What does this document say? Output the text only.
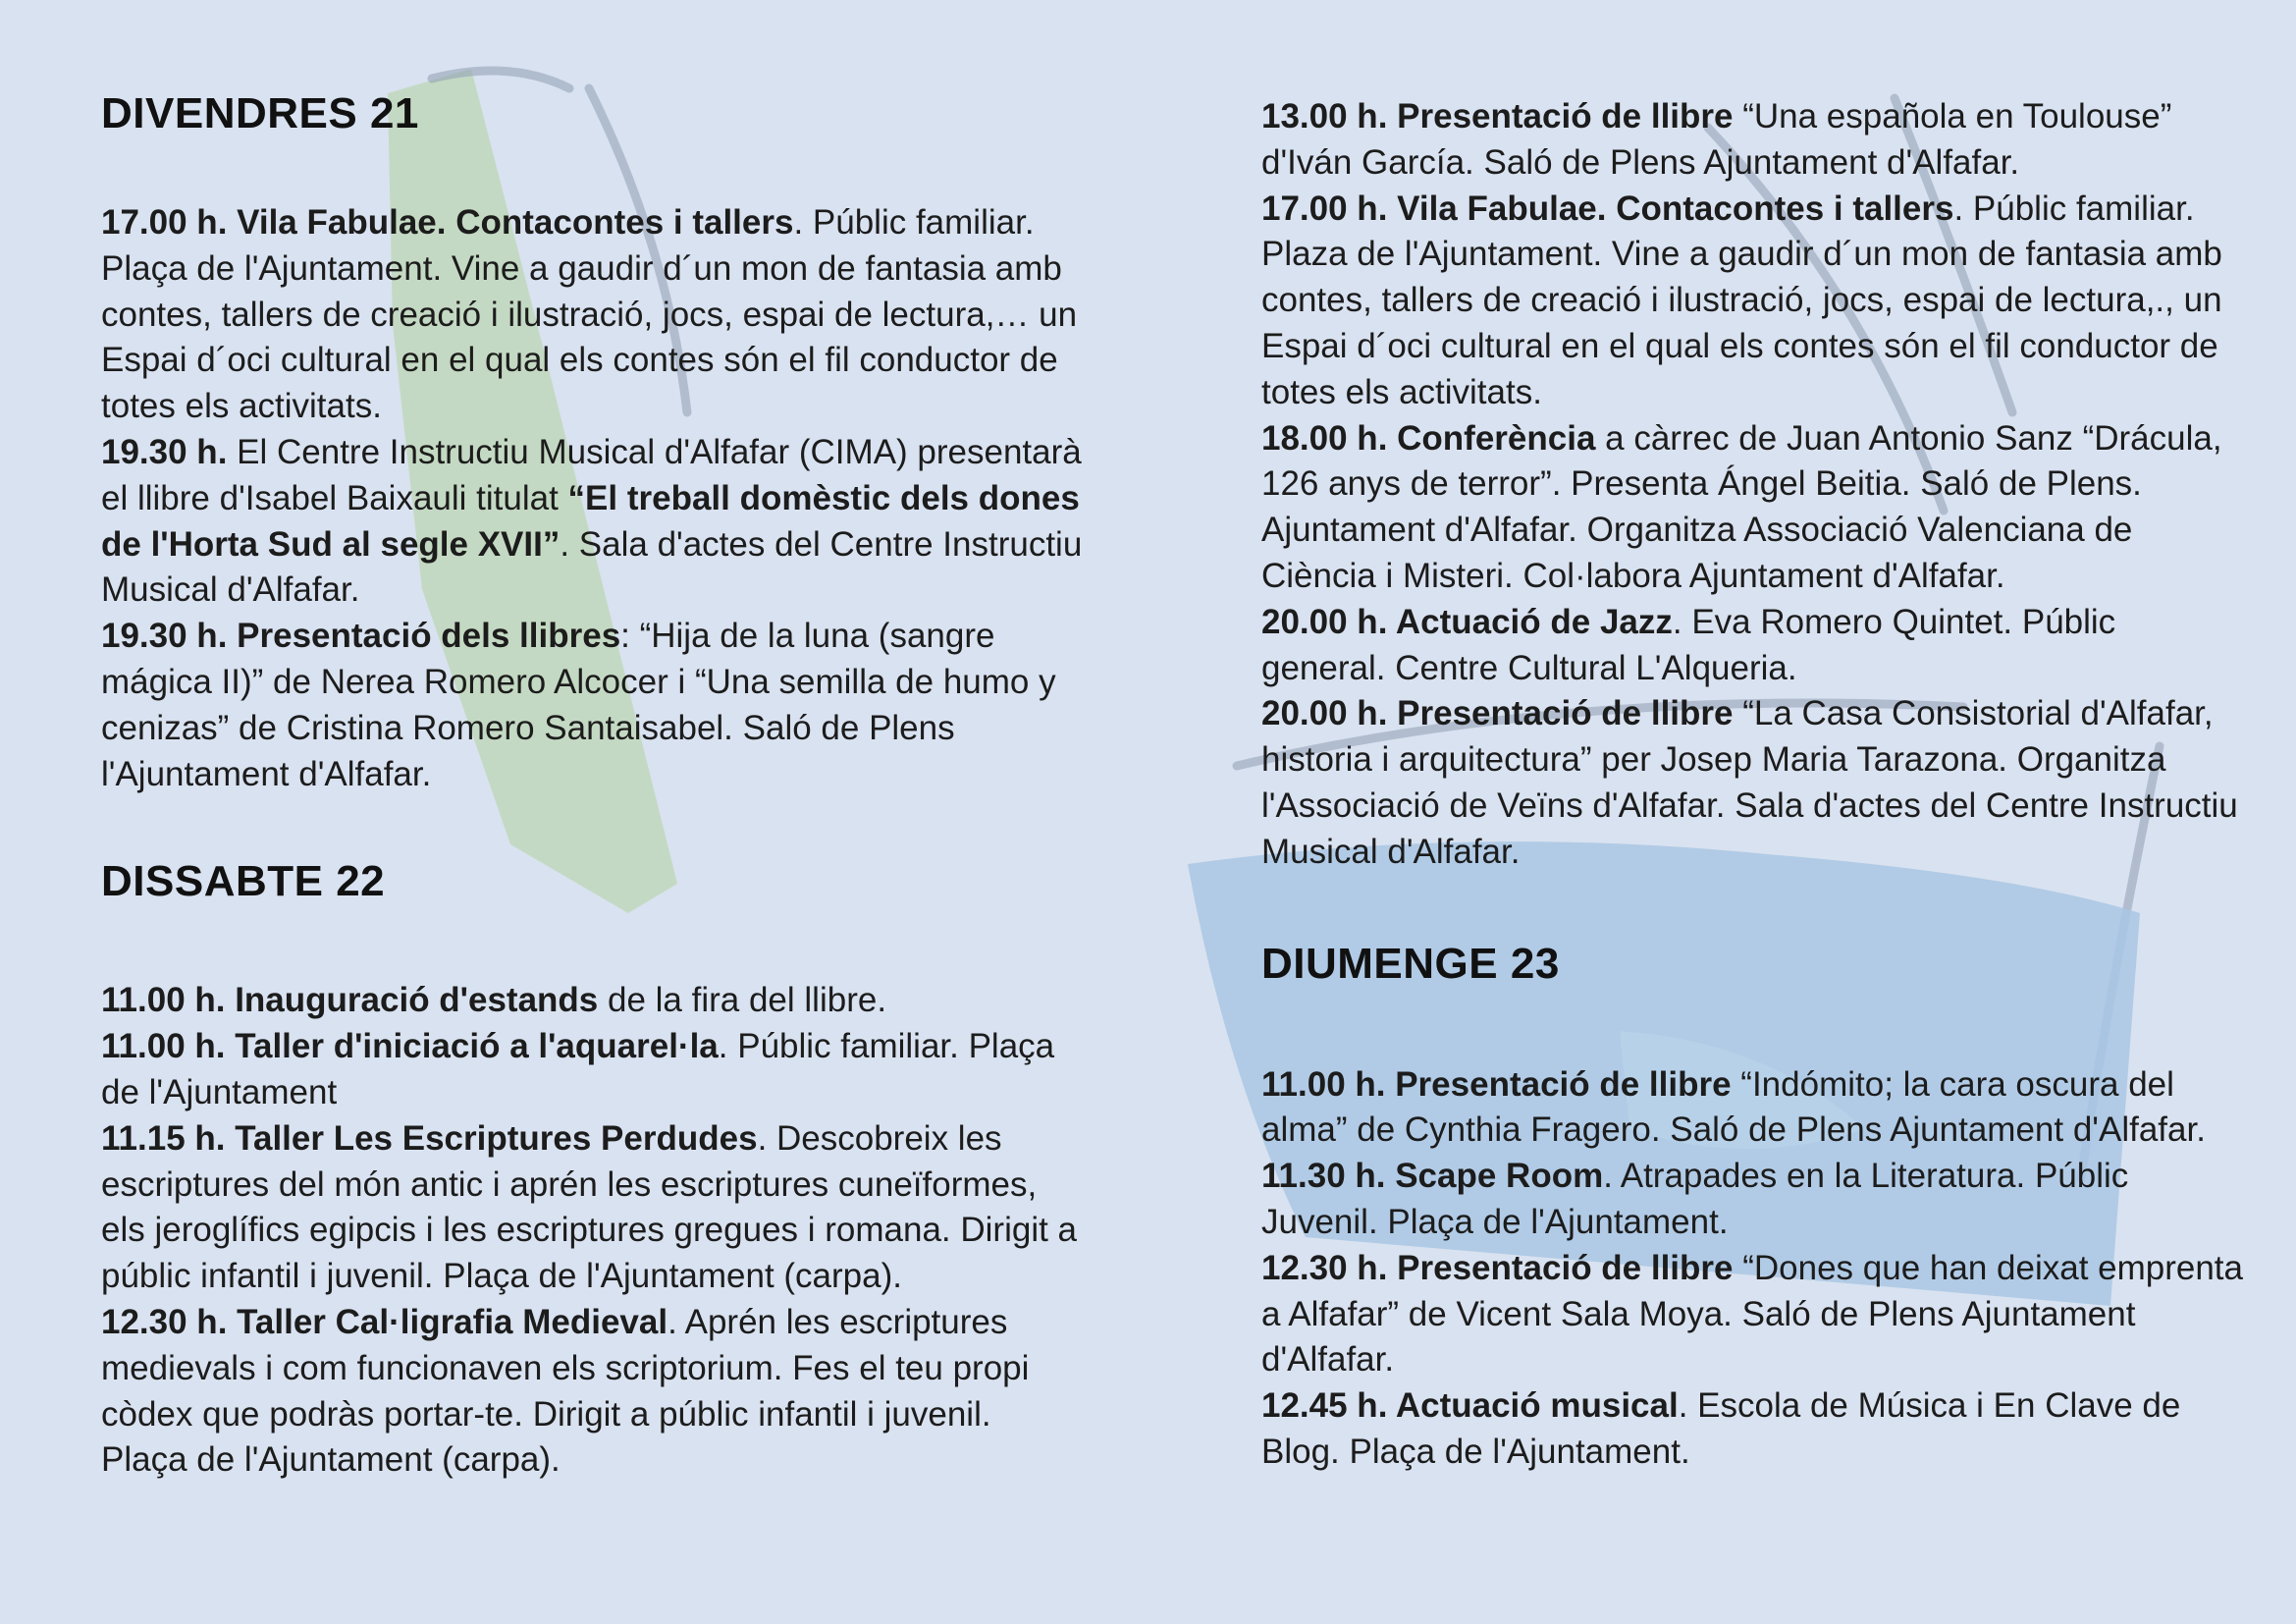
DIVENDRES 21

17.00 h. Vila Fabulae. Contacontes i tallers. Públic familiar. Plaça de l'Ajuntament. Vine a gaudir d´un mon de fantasia amb contes, tallers de creació i ilustració, jocs, espai de lectura,… un Espai d´oci cultural en el qual els contes són el fil conductor de totes els activitats.

19.30 h. El Centre Instructiu Musical d'Alfafar (CIMA) presentarà el llibre d'Isabel Baixauli titulat “El treball domèstic dels dones de l'Horta Sud al segle XVII”. Sala d'actes del Centre Instructiu Musical d'Alfafar.

19.30 h. Presentació dels llibres: “Hija de la luna (sangre mágica II)” de Nerea Romero Alcocer i “Una semilla de humo y cenizas” de Cristina Romero Santaisabel. Saló de Plens l'Ajuntament d'Alfafar.

DISSABTE 22

11.00 h. Inauguració d'estands de la fira del llibre.

11.00 h. Taller d'iniciació a l'aquarel·la. Públic familiar. Plaça de l'Ajuntament

11.15 h. Taller Les Escriptures Perdudes. Descobreix les escriptures del món antic i aprén les escriptures cuneïformes, els jeroglífics egipcis i les escriptures gregues i romana. Dirigit a públic infantil i juvenil. Plaça de l'Ajuntament (carpa).

12.30 h. Taller Cal·ligrafia Medieval. Aprén les escriptures medievals i com funcionaven els scriptorium. Fes el teu propi còdex que podràs portar-te. Dirigit a públic infantil i juvenil. Plaça de l'Ajuntament (carpa).

13.00 h. Presentació de llibre “Una española en Toulouse” d'Iván García. Saló de Plens Ajuntament d'Alfafar.

17.00 h. Vila Fabulae. Contacontes i tallers. Públic familiar. Plaza de l'Ajuntament. Vine a gaudir d´un mon de fantasia amb contes, tallers de creació i ilustració, jocs, espai de lectura,., un Espai d´oci cultural en el qual els contes són el fil conductor de totes els activitats.

18.00 h. Conferència a càrrec de Juan Antonio Sanz “Drácula, 126 anys de terror”. Presenta Ángel Beitia. Saló de Plens. Ajuntament d'Alfafar. Organitza Associació Valenciana de Ciència i Misteri. Col·labora Ajuntament d'Alfafar.

20.00 h. Actuació de Jazz. Eva Romero Quintet. Públic general. Centre Cultural L'Alqueria.

20.00 h. Presentació de llibre “La Casa Consistorial d'Alfafar, historia i arquitectura” per Josep Maria Tarazona. Organitza l'Associació de Veïns d'Alfafar. Sala d'actes del Centre Instructiu Musical d'Alfafar.

DIUMENGE 23

11.00 h. Presentació de llibre “Indómito; la cara oscura del alma” de Cynthia Fragero. Saló de Plens Ajuntament d'Alfafar.

11.30 h. Scape Room. Atrapades en la Literatura. Públic Juvenil. Plaça de l'Ajuntament.

12.30 h. Presentació de llibre “Dones que han deixat emprenta a Alfafar” de Vicent Sala Moya. Saló de Plens Ajuntament d'Alfafar.

12.45 h. Actuació musical. Escola de Música i En Clave de Blog. Plaça de l'Ajuntament.
